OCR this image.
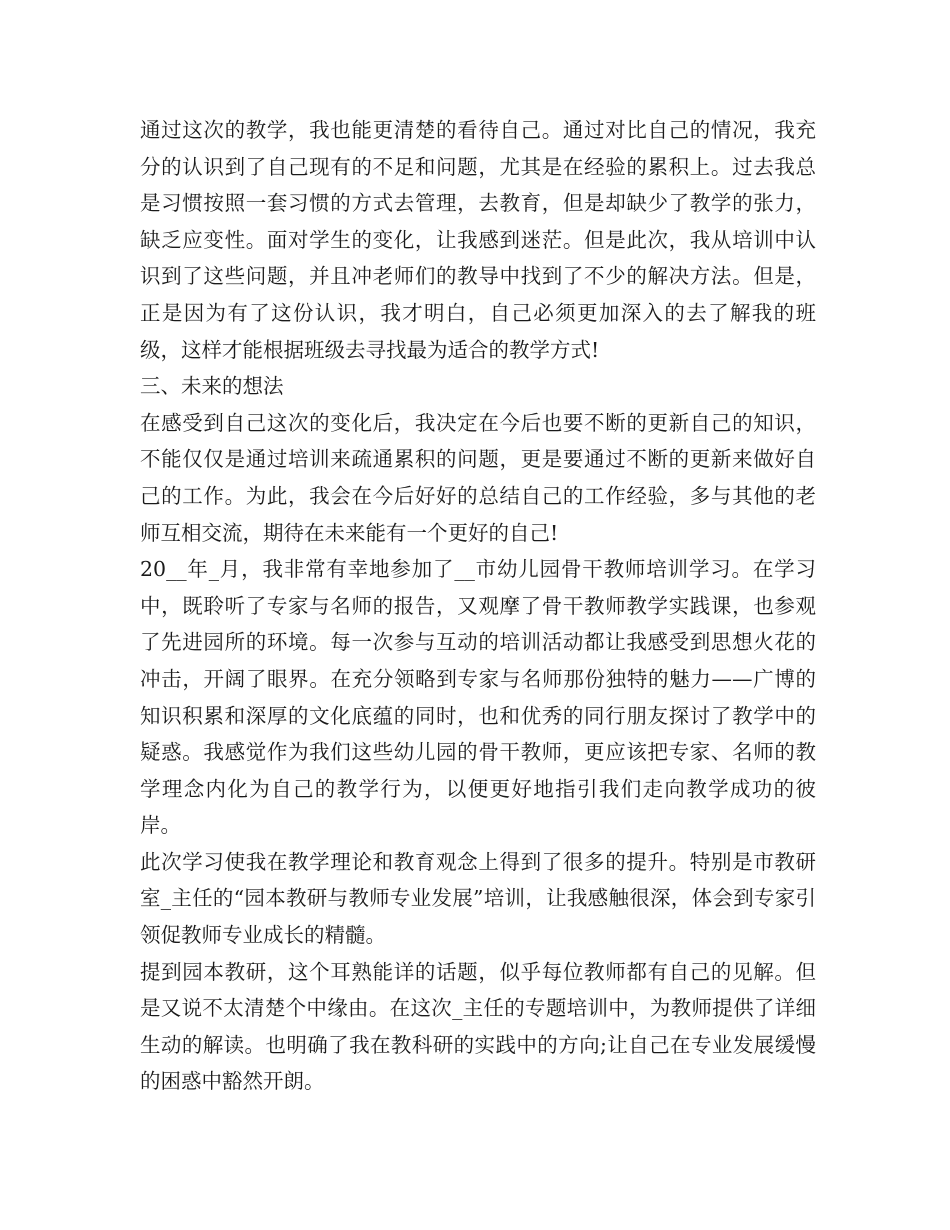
通过这次的教学，我也能更清楚的看待自己。通过对比自己的情况，我充分的认识到了自己现有的不足和问题，尤其是在经验的累积上。过去我总是习惯按照一套习惯的方式去管理，去教育，但是却缺少了教学的张力，缺乏应变性。面对学生的变化，让我感到迷茫。但是此次，我从培训中认识到了这些问题，并且冲老师们的教导中找到了不少的解决方法。但是，正是因为有了这份认识，我才明白，自己必须更加深入的去了解我的班级，这样才能根据班级去寻找最为适合的教学方式!

三、未来的想法

在感受到自己这次的变化后，我决定在今后也要不断的更新自己的知识，不能仅仅是通过培训来疏通累积的问题，更是要通过不断的更新来做好自己的工作。为此，我会在今后好好的总结自己的工作经验，多与其他的老师互相交流，期待在未来能有一个更好的自己!

20__年_月，我非常有幸地参加了__市幼儿园骨干教师培训学习。在学习中，既聆听了专家与名师的报告，又观摩了骨干教师教学实践课，也参观了先进园所的环境。每一次参与互动的培训活动都让我感受到思想火花的冲击，开阔了眼界。在充分领略到专家与名师那份独特的魅力——广博的知识积累和深厚的文化底蕴的同时，也和优秀的同行朋友探讨了教学中的疑惑。我感觉作为我们这些幼儿园的骨干教师，更应该把专家、名师的教学理念内化为自己的教学行为，以便更好地指引我们走向教学成功的彼岸。

此次学习使我在教学理论和教育观念上得到了很多的提升。特别是市教研室_主任的“园本教研与教师专业发展”培训，让我感触很深，体会到专家引领促教师专业成长的精髓。

提到园本教研，这个耳熟能详的话题，似乎每位教师都有自己的见解。但是又说不太清楚个中缘由。在这次_主任的专题培训中，为教师提供了详细生动的解读。也明确了我在教科研的实践中的方向;让自己在专业发展缓慢的困惑中豁然开朗。
